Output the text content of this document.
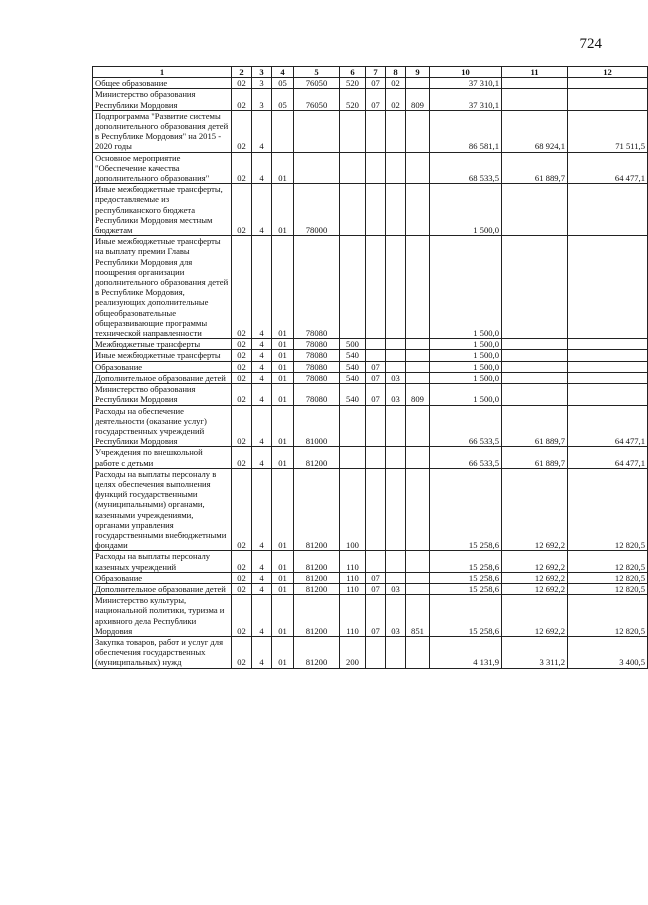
724
1	2	3	4	5	6	7	8	9	10	11	12
Общее образование	02	3	05	76050	520	07	02		37 310,1		
Министерство образования Республики Мордовия	02	3	05	76050	520	07	02	809	37 310,1		
Подпрограмма "Развитие системы дополнительного образования детей в Республике Мордовия" на 2015 - 2020 годы	02	4							86 581,1	68 924,1	71 511,5
Основное мероприятие "Обеспечение качества дополнительного образования"	02	4	01						68 533,5	61 889,7	64 477,1
Иные межбюджетные трансферты, предоставляемые из республиканского бюджета Республики Мордовия местным бюджетам	02	4	01	78000					1 500,0		
Иные межбюджетные трансферты на выплату премии Главы Республики Мордовия для поощрения организации дополнительного образования детей в Республике Мордовия, реализующих дополнительные общеобразовательные общеразвивающие программы технической направленности	02	4	01	78080					1 500,0		
Межбюджетные трансферты	02	4	01	78080	500				1 500,0		
Иные межбюджетные трансферты	02	4	01	78080	540				1 500,0		
Образование	02	4	01	78080	540	07			1 500,0		
Дополнительное образование детей	02	4	01	78080	540	07	03		1 500,0		
Министерство образования Республики Мордовия	02	4	01	78080	540	07	03	809	1 500,0		
Расходы на обеспечение деятельности (оказание услуг) государственных учреждений Республики Мордовия	02	4	01	81000					66 533,5	61 889,7	64 477,1
Учреждения по внешкольной работе с детьми	02	4	01	81200					66 533,5	61 889,7	64 477,1
Расходы на выплаты персоналу в целях обеспечения выполнения функций государственными (муниципальными) органами, казенными учреждениями, органами управления государственными внебюджетными фондами	02	4	01	81200	100				15 258,6	12 692,2	12 820,5
Расходы на выплаты персоналу казенных учреждений	02	4	01	81200	110				15 258,6	12 692,2	12 820,5
Образование	02	4	01	81200	110	07			15 258,6	12 692,2	12 820,5
Дополнительное образование детей	02	4	01	81200	110	07	03		15 258,6	12 692,2	12 820,5
Министерство культуры, национальной политики, туризма и архивного дела Республики Мордовия	02	4	01	81200	110	07	03	851	15 258,6	12 692,2	12 820,5
Закупка товаров, работ и услуг для обеспечения государственных (муниципальных) нужд	02	4	01	81200	200				4 131,9	3 311,2	3 400,5
